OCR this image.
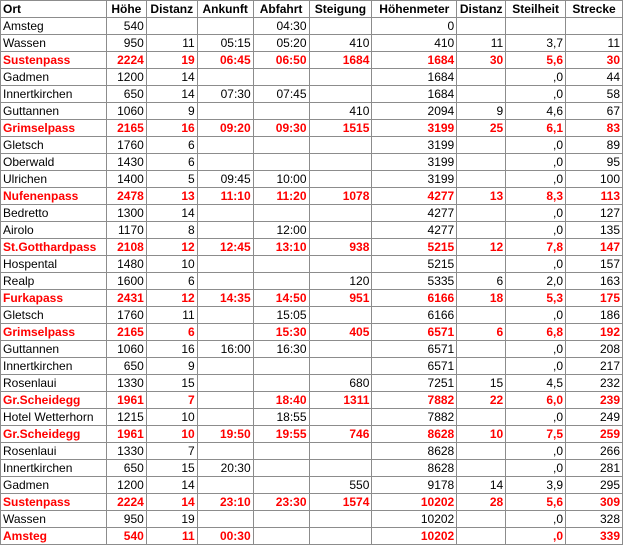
Ort	Höhe	Distanz	Ankunft	Abfahrt	Steigung	Höhenmeter	Distanz	Steilheit	Strecke
Amsteg	540			04:30		0			
Wassen	950	11	05:15	05:20	410	410	11	3,7	11
Sustenpass	2224	19	06:45	06:50	1684	1684	30	5,6	30
Gadmen	1200	14				1684		,0	44
Innertkirchen	650	14	07:30	07:45		1684		,0	58
Guttannen	1060	9			410	2094	9	4,6	67
Grimselpass	2165	16	09:20	09:30	1515	3199	25	6,1	83
Gletsch	1760	6				3199		,0	89
Oberwald	1430	6				3199		,0	95
Ulrichen	1400	5	09:45	10:00		3199		,0	100
Nufenenpass	2478	13	11:10	11:20	1078	4277	13	8,3	113
Bedretto	1300	14				4277		,0	127
Airolo	1170	8		12:00		4277		,0	135
St.Gotthardpass	2108	12	12:45	13:10	938	5215	12	7,8	147
Hospental	1480	10				5215		,0	157
Realp	1600	6			120	5335	6	2,0	163
Furkapass	2431	12	14:35	14:50	951	6166	18	5,3	175
Gletsch	1760	11		15:05		6166		,0	186
Grimselpass	2165	6		15:30	405	6571	6	6,8	192
Guttannen	1060	16	16:00	16:30		6571		,0	208
Innertkirchen	650	9				6571		,0	217
Rosenlaui	1330	15			680	7251	15	4,5	232
Gr.Scheidegg	1961	7		18:40	1311	7882	22	6,0	239
Hotel Wetterhorn	1215	10		18:55		7882		,0	249
Gr.Scheidegg	1961	10	19:50	19:55	746	8628	10	7,5	259
Rosenlaui	1330	7				8628		,0	266
Innertkirchen	650	15	20:30			8628		,0	281
Gadmen	1200	14			550	9178	14	3,9	295
Sustenpass	2224	14	23:10	23:30	1574	10202	28	5,6	309
Wassen	950	19				10202		,0	328
Amsteg	540	11	00:30			10202		,0	339
